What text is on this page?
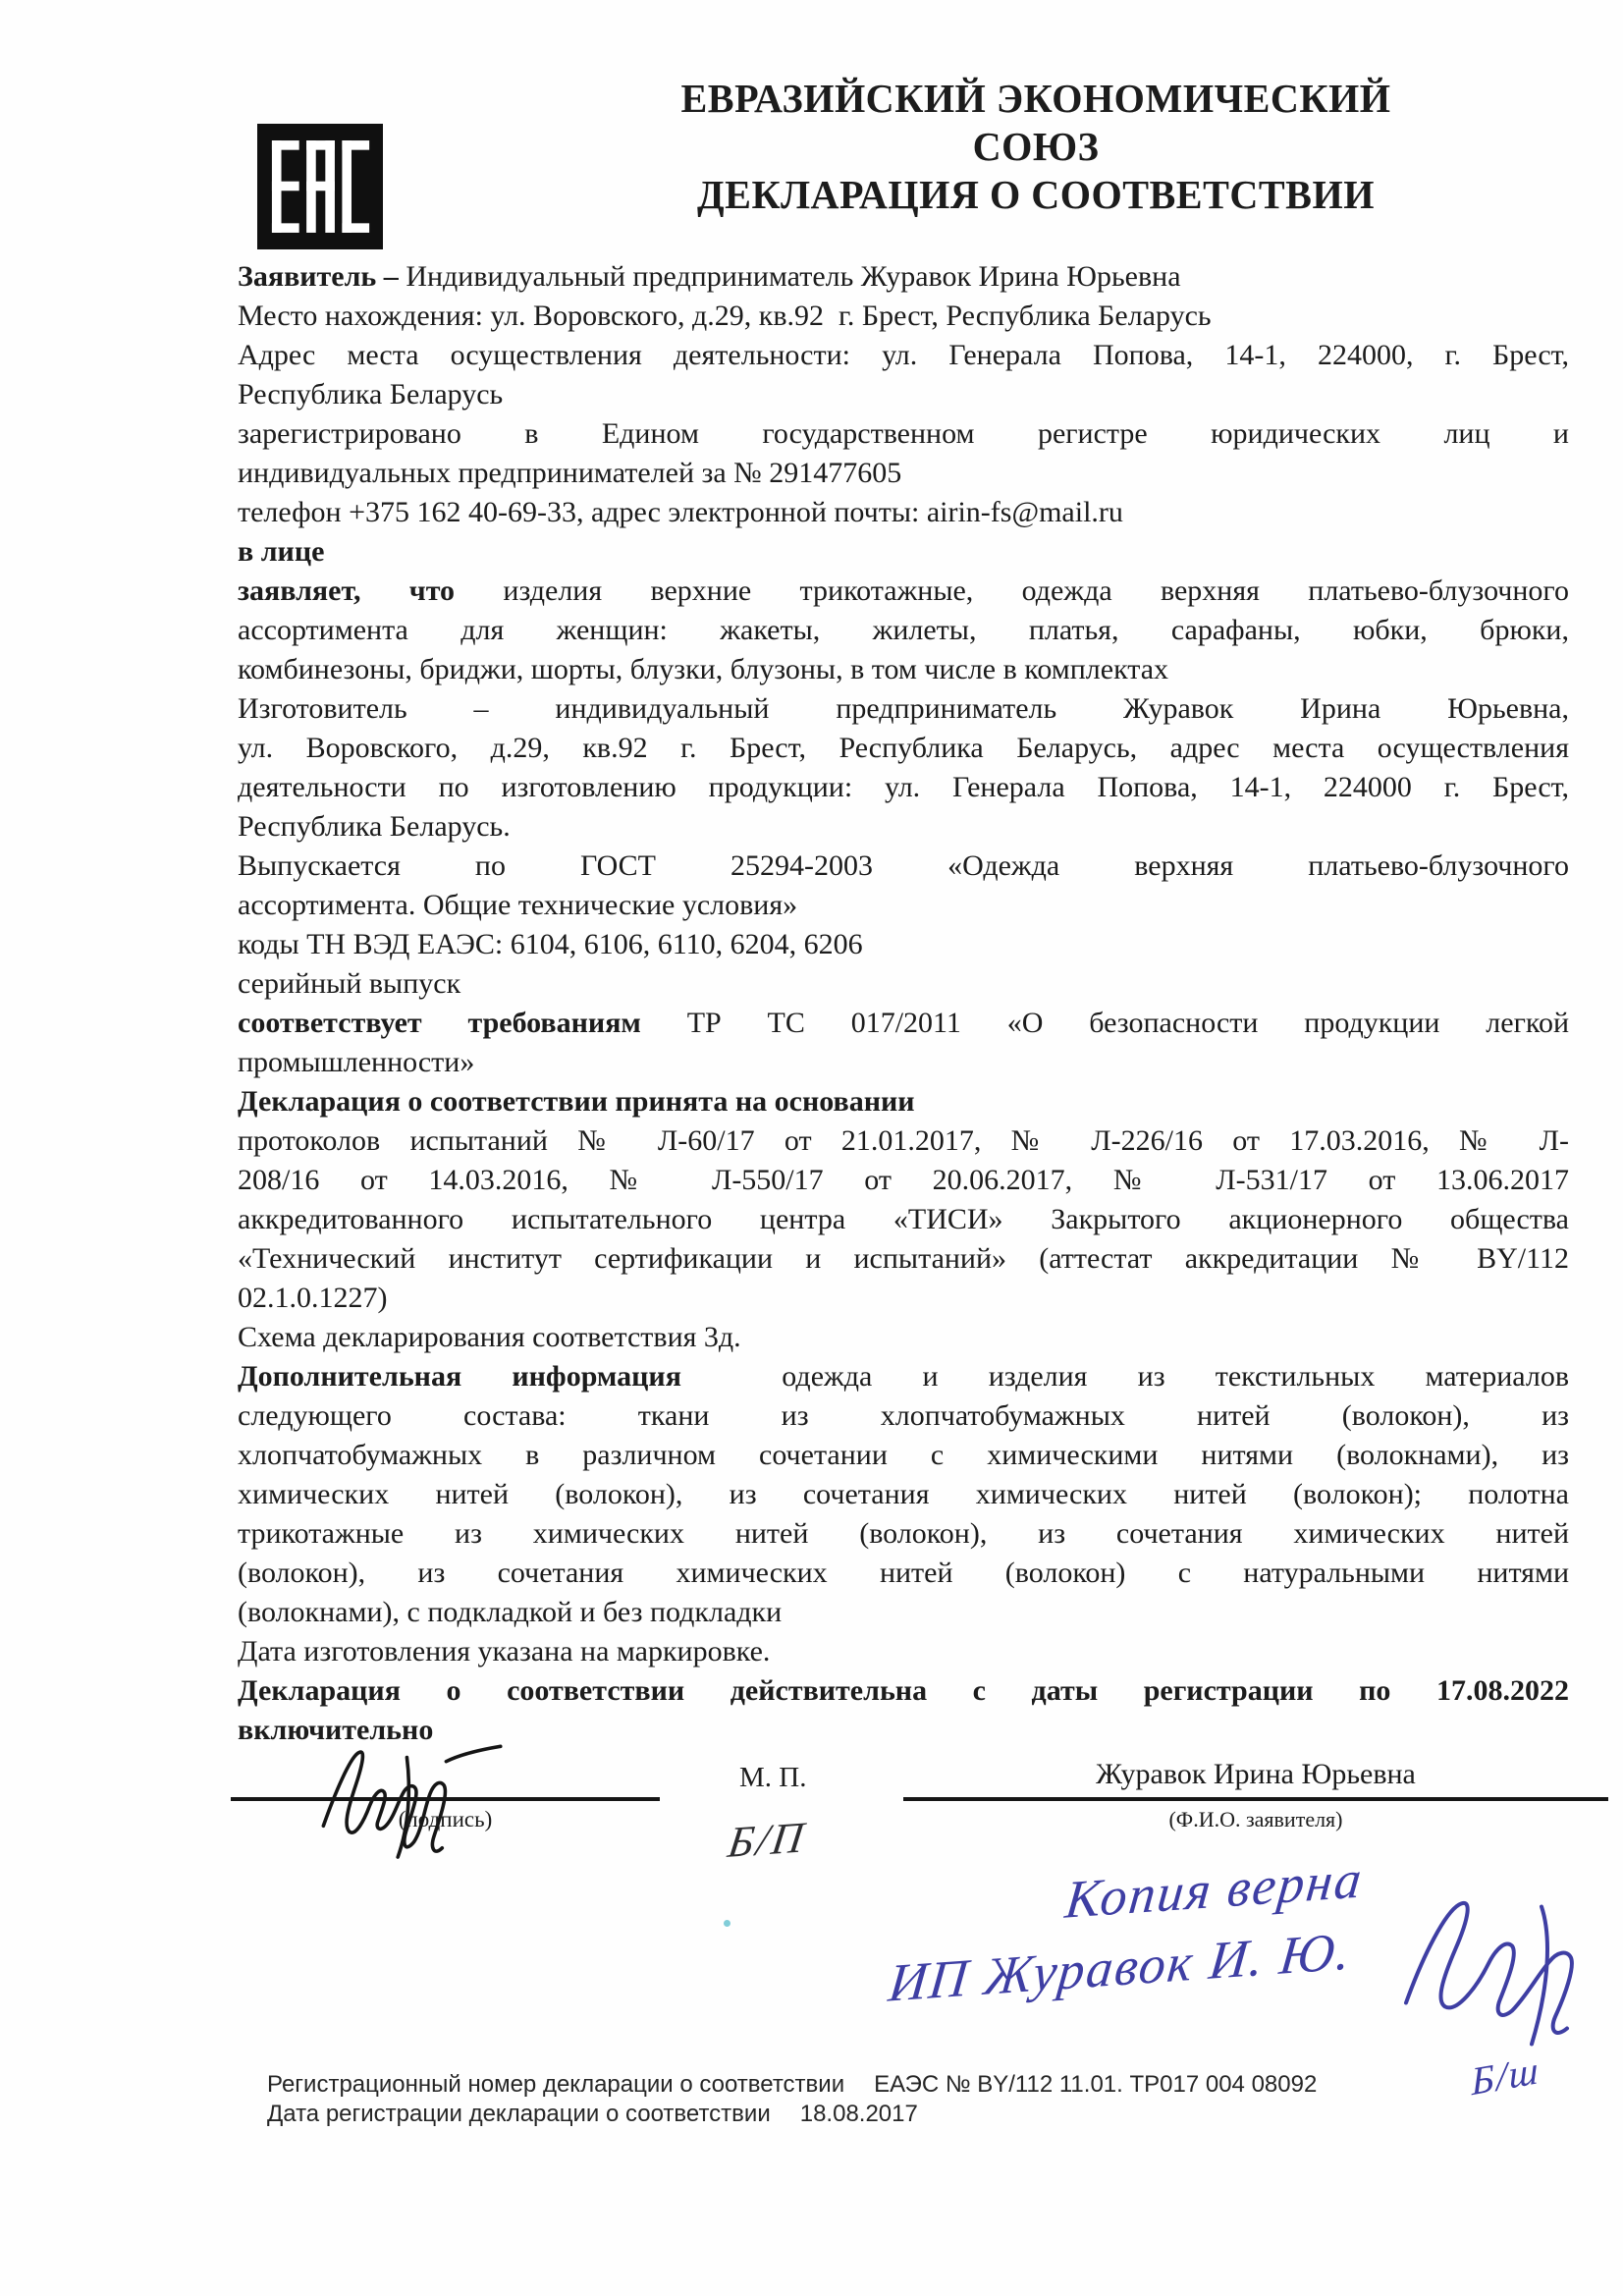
ЕВРАЗИЙСКИЙ ЭКОНОМИЧЕСКИЙ СОЮЗ
ДЕКЛАРАЦИЯ О СООТВЕТСТВИИ
Заявитель – Индивидуальный предприниматель Журавок Ирина Юрьевна
Место нахождения: ул. Воровского, д.29, кв.92  г. Брест, Республика Беларусь
Адрес места осуществления деятельности: ул. Генерала Попова, 14-1, 224000, г. Брест,
Республика Беларусь
зарегистрировано в Едином государственном регистре юридических лиц и
индивидуальных предпринимателей за № 291477605
телефон +375 162 40-69-33, адрес электронной почты: airin-fs@mail.ru
в лице
заявляет, что изделия верхние трикотажные, одежда верхняя платьево-блузочного
ассортимента для женщин: жакеты, жилеты, платья, сарафаны, юбки, брюки,
комбинезоны, бриджи, шорты, блузки, блузоны, в том числе в комплектах
Изготовитель – индивидуальный предприниматель Журавок Ирина Юрьевна,
ул. Воровского, д.29, кв.92 г. Брест, Республика Беларусь, адрес места осуществления
деятельности по изготовлению продукции: ул. Генерала Попова, 14-1, 224000 г. Брест,
Республика Беларусь.
Выпускается по ГОСТ 25294-2003 «Одежда верхняя платьево-блузочного
ассортимента. Общие технические условия»
коды ТН ВЭД ЕАЭС: 6104, 6106, 6110, 6204, 6206
серийный выпуск
соответствует требованиям ТР ТС 017/2011 «О безопасности продукции легкой
промышленности»
Декларация о соответствии принята на основании
протоколов испытаний № Л-60/17 от 21.01.2017, № Л-226/16 от 17.03.2016, № Л-
208/16 от 14.03.2016, № Л-550/17 от 20.06.2017, № Л-531/17 от 13.06.2017
аккредитованного испытательного центра «ТИСИ» Закрытого акционерного общества
«Технический институт сертификации и испытаний» (аттестат аккредитации № BY/112
02.1.0.1227)
Схема декларирования соответствия 3д.
Дополнительная информация  одежда и изделия из текстильных материалов
следующего состава: ткани из хлопчатобумажных нитей (волокон), из
хлопчатобумажных в различном сочетании с химическими нитями (волокнами), из
химических нитей (волокон), из сочетания химических нитей (волокон); полотна
трикотажные из химических нитей (волокон), из сочетания химических нитей
(волокон), из сочетания химических нитей (волокон) с натуральными нитями
(волокнами), с подкладкой и без подкладки
Дата изготовления указана на маркировке.
Декларация о соответствии действительна с даты регистрации по 17.08.2022
включительно
(подпись)
М. П.
Б/П
Журавок Ирина Юрьевна
(Ф.И.О. заявителя)
Копия верна
ИП Журавок И. Ю.
Б/ш
Регистрационный номер декларации о соответствии ЕАЭС № BY/112 11.01. ТР017 004 08092
Дата регистрации декларации о соответствии 18.08.2017
